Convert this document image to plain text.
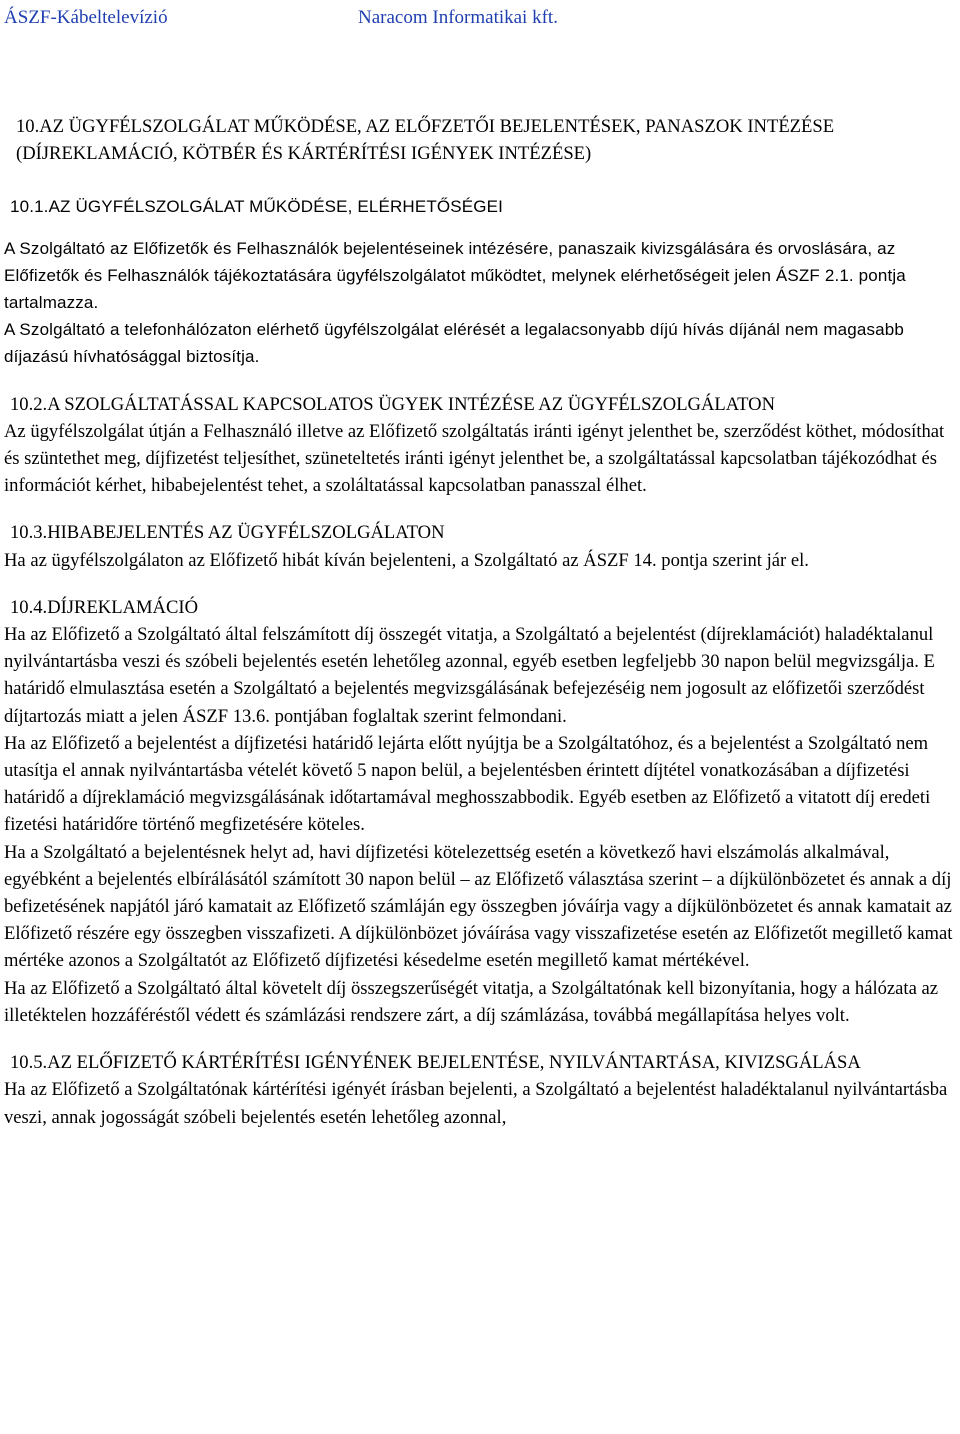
ÁSZF-Kábeltelevízió	Naracom Informatikai kft.

10.AZ ÜGYFÉLSZOLGÁLAT MŰKÖDÉSE, AZ ELŐFZETŐI BEJELENTÉSEK, PANASZOK INTÉZÉSE (DÍJREKLAMÁCIÓ, KÖTBÉR ÉS KÁRTÉRÍTÉSI IGÉNYEK INTÉZÉSE)

10.1.AZ ÜGYFÉLSZOLGÁLAT MŰKÖDÉSE, ELÉRHETŐSÉGEI

A Szolgáltató az Előfizetők és Felhasználók bejelentéseinek intézésére, panaszaik kivizsgálására és orvoslására, az Előfizetők és Felhasználók tájékoztatására ügyfélszolgálatot működtet, melynek elérhetőségeit jelen ÁSZF 2.1. pontja tartalmazza.

A Szolgáltató a telefonhálózaton elérhető ügyfélszolgálat elérését a legalacsonyabb díjú hívás díjánál nem magasabb díjazású hívhatósággal biztosítja.

10.2.A SZOLGÁLTATÁSSAL KAPCSOLATOS ÜGYEK INTÉZÉSE AZ ÜGYFÉLSZOLGÁLATON

Az ügyfélszolgálat útján a Felhasználó illetve az Előfizető szolgáltatás iránti igényt jelenthet be, szerződést köthet, módosíthat és szüntethet meg, díjfizetést teljesíthet, szüneteltetés iránti igényt jelenthet be, a szolgáltatással kapcsolatban tájékozódhat és információt kérhet, hibabejelentést tehet, a szoláltatással kapcsolatban panasszal élhet.

10.3.HIBABEJELENTÉS AZ ÜGYFÉLSZOLGÁLATON

Ha az ügyfélszolgálaton az Előfizető hibát kíván bejelenteni, a Szolgáltató az ÁSZF 14. pontja szerint jár el.

10.4.DÍJREKLAMÁCIÓ

Ha az Előfizető a Szolgáltató által felszámított díj összegét vitatja, a Szolgáltató a bejelentést (díjreklamációt) haladéktalanul nyilvántartásba veszi és szóbeli bejelentés esetén lehetőleg azonnal, egyéb esetben legfeljebb 30 napon belül megvizsgálja. E határidő elmulasztása esetén a Szolgáltató a bejelentés megvizsgálásának befejezéséig nem jogosult az előfizetői szerződést díjtartozás miatt a jelen ÁSZF 13.6. pontjában foglaltak szerint felmondani.

Ha az Előfizető a bejelentést a díjfizetési határidő lejárta előtt nyújtja be a Szolgáltatóhoz, és a bejelentést a Szolgáltató nem utasítja el annak nyilvántartásba vételét követő 5 napon belül, a bejelentésben érintett díjtétel vonatkozásában a díjfizetési határidő a díjreklamáció megvizsgálásának időtartamával meghosszabbodik. Egyéb esetben az Előfizető a vitatott díj eredeti fizetési határidőre történő megfizetésére köteles.

Ha a Szolgáltató a bejelentésnek helyt ad, havi díjfizetési kötelezettség esetén a következő havi elszámolás alkalmával, egyébként a bejelentés elbírálásától számított 30 napon belül – az Előfizető választása szerint – a díjkülönbözetet és annak a díj befizetésének napjától járó kamatait az Előfizető számláján egy összegben jóváírja vagy a díjkülönbözetet és annak kamatait az Előfizető részére egy összegben visszafizeti. A díjkülönbözet jóváírása vagy visszafizetése esetén az Előfizetőt megillető kamat mértéke azonos a Szolgáltatót az Előfizető díjfizetési késedelme esetén megillető kamat mértékével.

Ha az Előfizető a Szolgáltató által követelt díj összegszerűségét vitatja, a Szolgáltatónak kell bizonyítania, hogy a hálózata az illetéktelen hozzáféréstől védett és számlázási rendszere zárt, a díj számlázása, továbbá megállapítása helyes volt.

10.5.AZ ELŐFIZETŐ KÁRTÉRÍTÉSI IGÉNYÉNEK BEJELENTÉSE, NYILVÁNTARTÁSA, KIVIZSGÁLÁSA

Ha az Előfizető a Szolgáltatónak kártérítési igényét írásban bejelenti, a Szolgáltató a bejelentést haladéktalanul nyilvántartásba veszi, annak jogosságát szóbeli bejelentés esetén lehetőleg azonnal,
